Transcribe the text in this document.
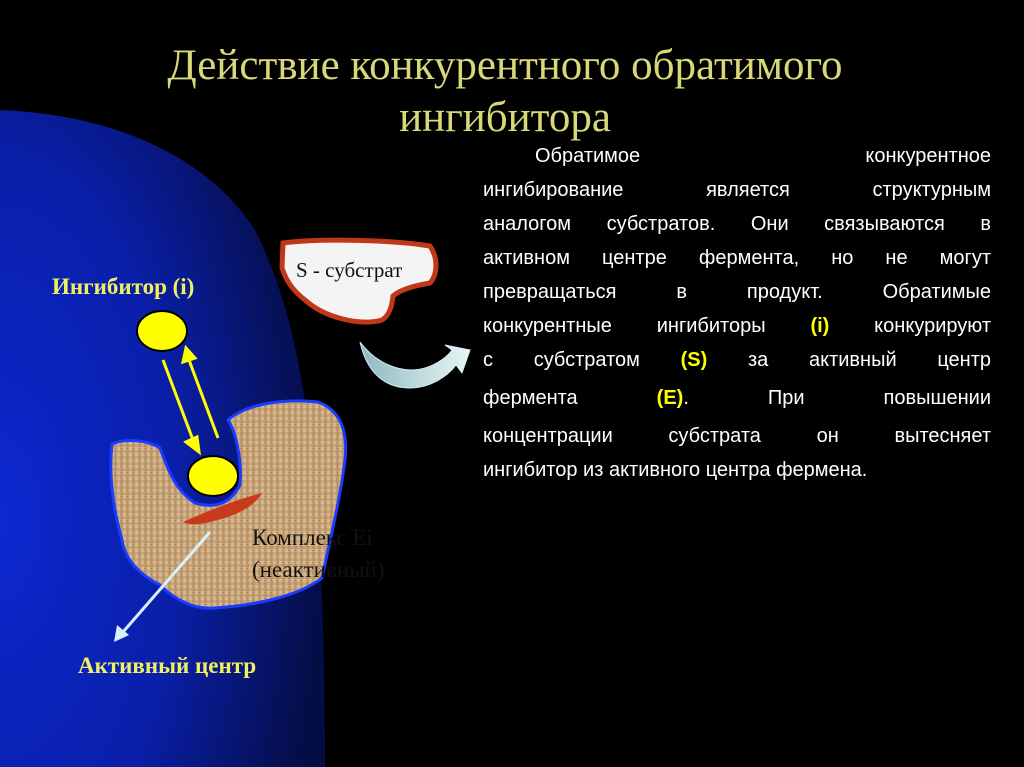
Действие конкурентного обратимого
ингибитора
Обратимое конкурентное
ингибирование является структурным
аналогом субстратов. Они связываются в
активном центре фермента, но не могут
превращаться в продукт. Обратимые
конкурентные ингибиторы (i) конкурируют
с субстратом (S) за активный центр
фермента (E). При повышении
концентрации субстрата он вытесняет
ингибитор из активного центра фермена.
Ингибитор (i)
S - субстрат
Комплекс Ei
(неактивный)
Активный центр
